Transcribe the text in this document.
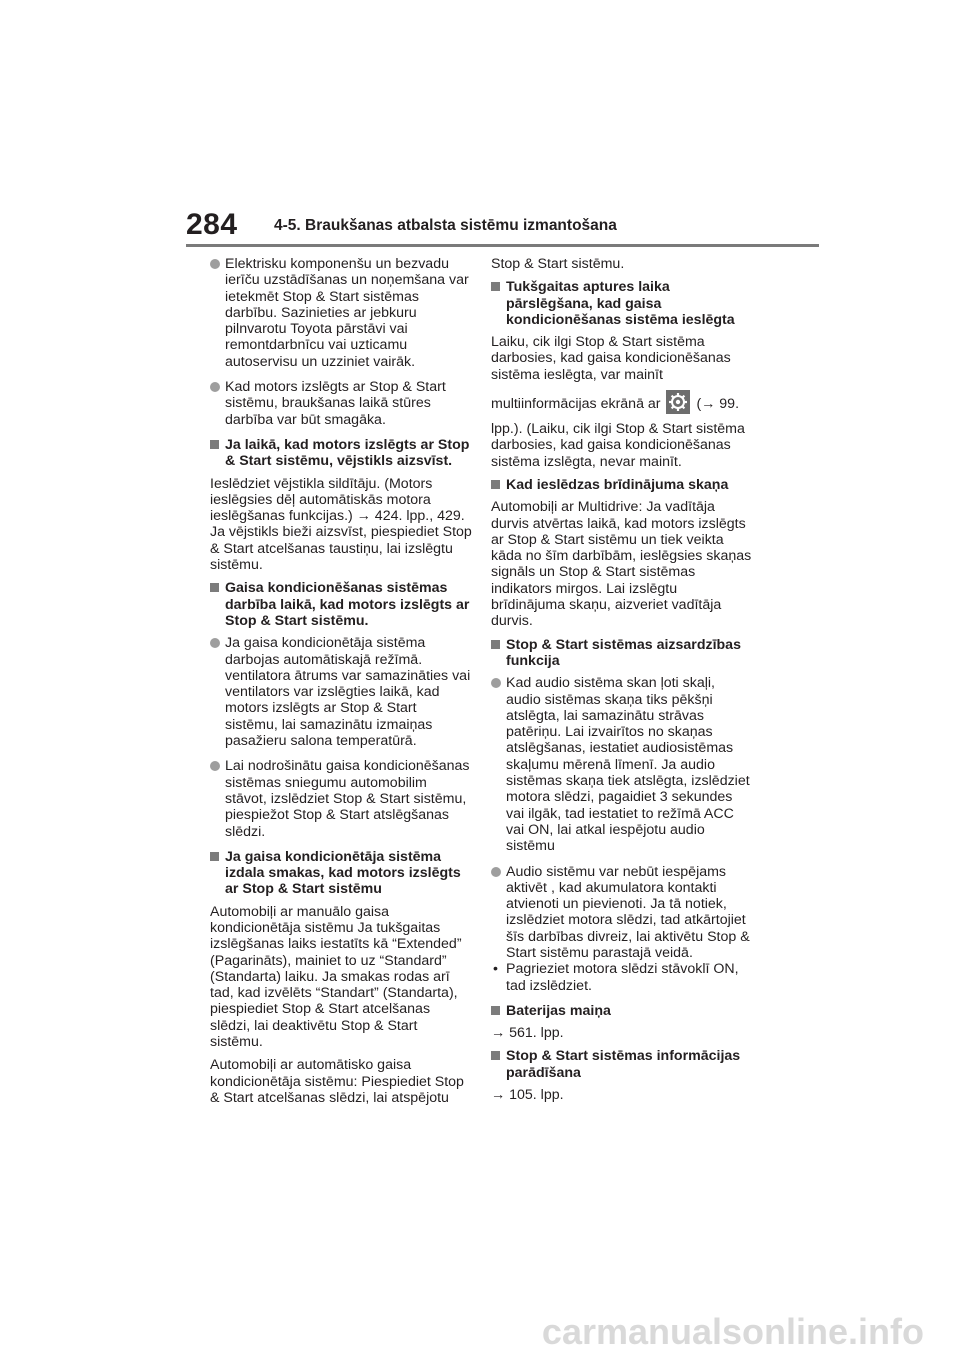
284 4-5. Braukšanas atbalsta sistēmu izmantošana

Elektrisku komponenšu un bezvadu ierīču uzstādīšanas un noņemšana var ietekmēt Stop & Start sistēmas darbību. Sazinieties ar jebkuru pilnvarotu Toyota pārstāvi vai remontdarbnīcu vai uzticamu autoservisu un uzziniet vairāk.

Kad motors izslēgts ar Stop & Start sistēmu, braukšanas laikā stūres darbība var būt smagāka.

Ja laikā, kad motors izslēgts ar Stop & Start sistēmu, vējstikls aizsvīst.

Ieslēdziet vējstikla sildītāju. (Motors ieslēgsies dēļ automātiskās motora ieslēgšanas funkcijas.) → 424. lpp., 429. Ja vējstikls bieži aizsvīst, piespiediet Stop & Start atcelšanas taustiņu, lai izslēgtu sistēmu.

Gaisa kondicionēšanas sistēmas darbība laikā, kad motors izslēgts ar Stop & Start sistēmu.

Ja gaisa kondicionētāja sistēma darbojas automātiskajā režīmā. ventilatora ātrums var samazināties vai ventilators var izslēgties laikā, kad motors izslēgts ar Stop & Start sistēmu, lai samazinātu izmaiņas pasažieru salona temperatūrā.

Lai nodrošinātu gaisa kondicionēšanas sistēmas sniegumu automobilim stāvot, izslēdziet Stop & Start sistēmu, piespiežot Stop & Start atslēgšanas slēdzi.

Ja gaisa kondicionētāja sistēma izdala smakas, kad motors izslēgts ar Stop & Start sistēmu

Automobiļi ar manuālo gaisa kondicionētāja sistēmu Ja tukšgaitas izslēgšanas laiks iestatīts kā “Extended” (Pagarināts), mainiet to uz “Standard” (Standarta) laiku. Ja smakas rodas arī tad, kad izvēlēts “Standart” (Standarta), piespiediet Stop & Start atcelšanas slēdzi, lai deaktivētu Stop & Start sistēmu.

Automobiļi ar automātisko gaisa kondicionētāja sistēmu: Piespiediet Stop & Start atcelšanas slēdzi, lai atspējotu

Stop & Start sistēmu.

Tukšgaitas aptures laika pārslēgšana, kad gaisa kondicionēšanas sistēma ieslēgta

Laiku, cik ilgi Stop & Start sistēma darbosies, kad gaisa kondicionēšanas sistēma ieslēgta, var mainīt

multiinformācijas ekrānā ar	(→ 99.

lpp.). (Laiku, cik ilgi Stop & Start sistēma darbosies, kad gaisa kondicionēšanas sistēma izslēgta, nevar mainīt.

Kad ieslēdzas brīdinājuma skaņa

Automobiļi ar Multidrive: Ja vadītāja durvis atvērtas laikā, kad motors izslēgts ar Stop & Start sistēmu un tiek veikta kāda no šīm darbībām, ieslēgsies skaņas signāls un Stop & Start sistēmas indikators mirgos. Lai izslēgtu brīdinājuma skaņu, aizveriet vadītāja durvis.

Stop & Start sistēmas aizsardzības funkcija

Kad audio sistēma skan ļoti skaļi, audio sistēmas skaņa tiks pēkšņi atslēgta, lai samazinātu strāvas patēriņu. Lai izvairītos no skaņas atslēgšanas, iestatiet audiosistēmas skaļumu mērenā līmenī. Ja audio sistēmas skaņa tiek atslēgta, izslēdziet motora slēdzi, pagaidiet 3 sekundes vai ilgāk, tad iestatiet to režīmā ACC vai ON, lai atkal iespējotu audio sistēmu

Audio sistēmu var nebūt iespējams aktivēt , kad akumulatora kontakti atvienoti un pievienoti. Ja tā notiek, izslēdziet motora slēdzi, tad atkārtojiet šīs darbības divreiz, lai aktivētu Stop & Start sistēmu parastajā veidā.

• Pagrieziet motora slēdzi stāvoklī ON, tad izslēdziet.

Baterijas maiņa

→ 561. lpp.

Stop & Start sistēmas informācijas parādīšana

→ 105. lpp.

carmanualsonline.info
